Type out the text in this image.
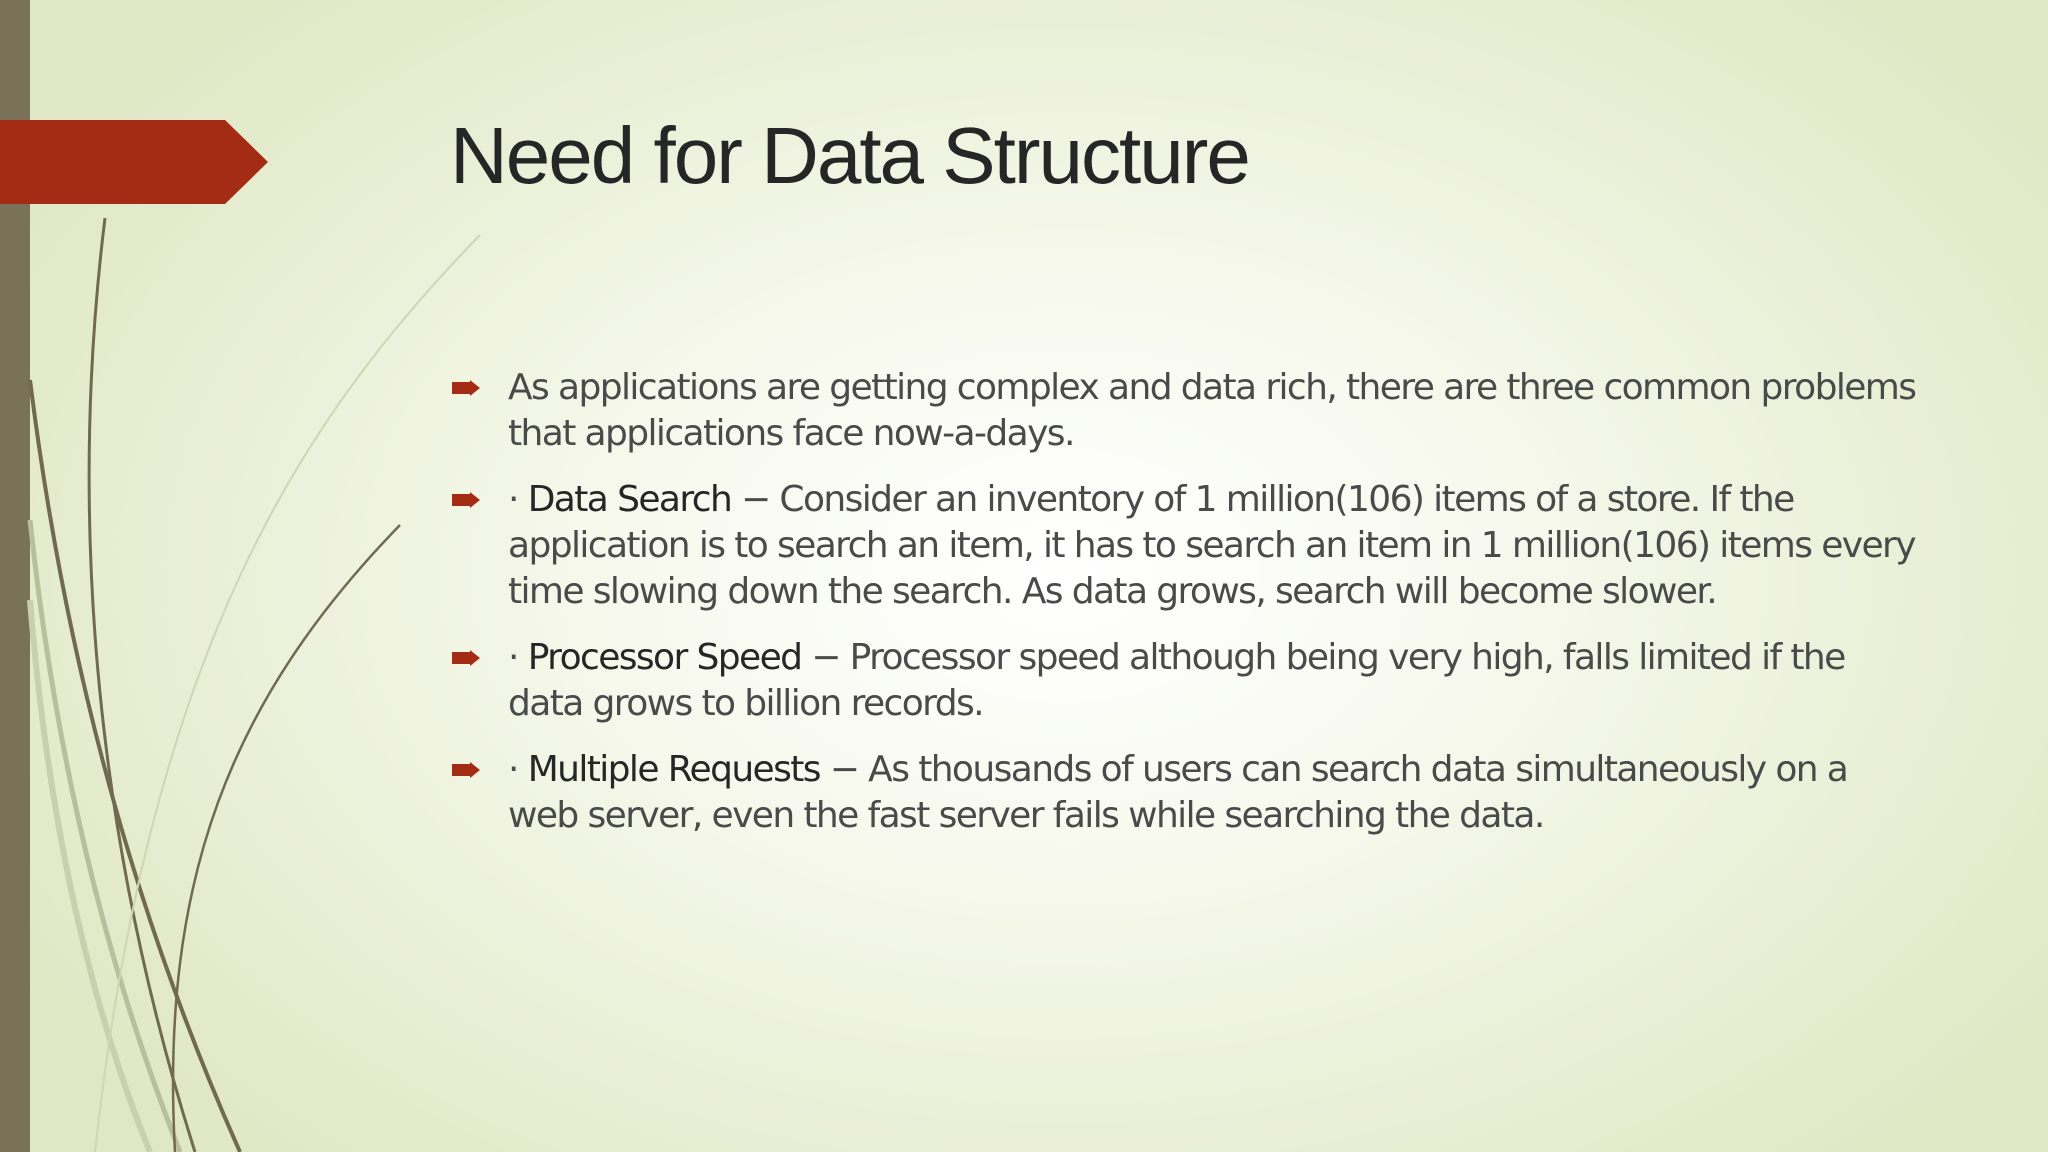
Need for Data Structure
As applications are getting complex and data rich, there are three common problems that applications face now-a-days.
· Data Search − Consider an inventory of 1 million(106) items of a store. If the application is to search an item, it has to search an item in 1 million(106) items every time slowing down the search. As data grows, search will become slower.
· Processor Speed − Processor speed although being very high, falls limited if the data grows to billion records.
· Multiple Requests − As thousands of users can search data simultaneously on a web server, even the fast server fails while searching the data.
